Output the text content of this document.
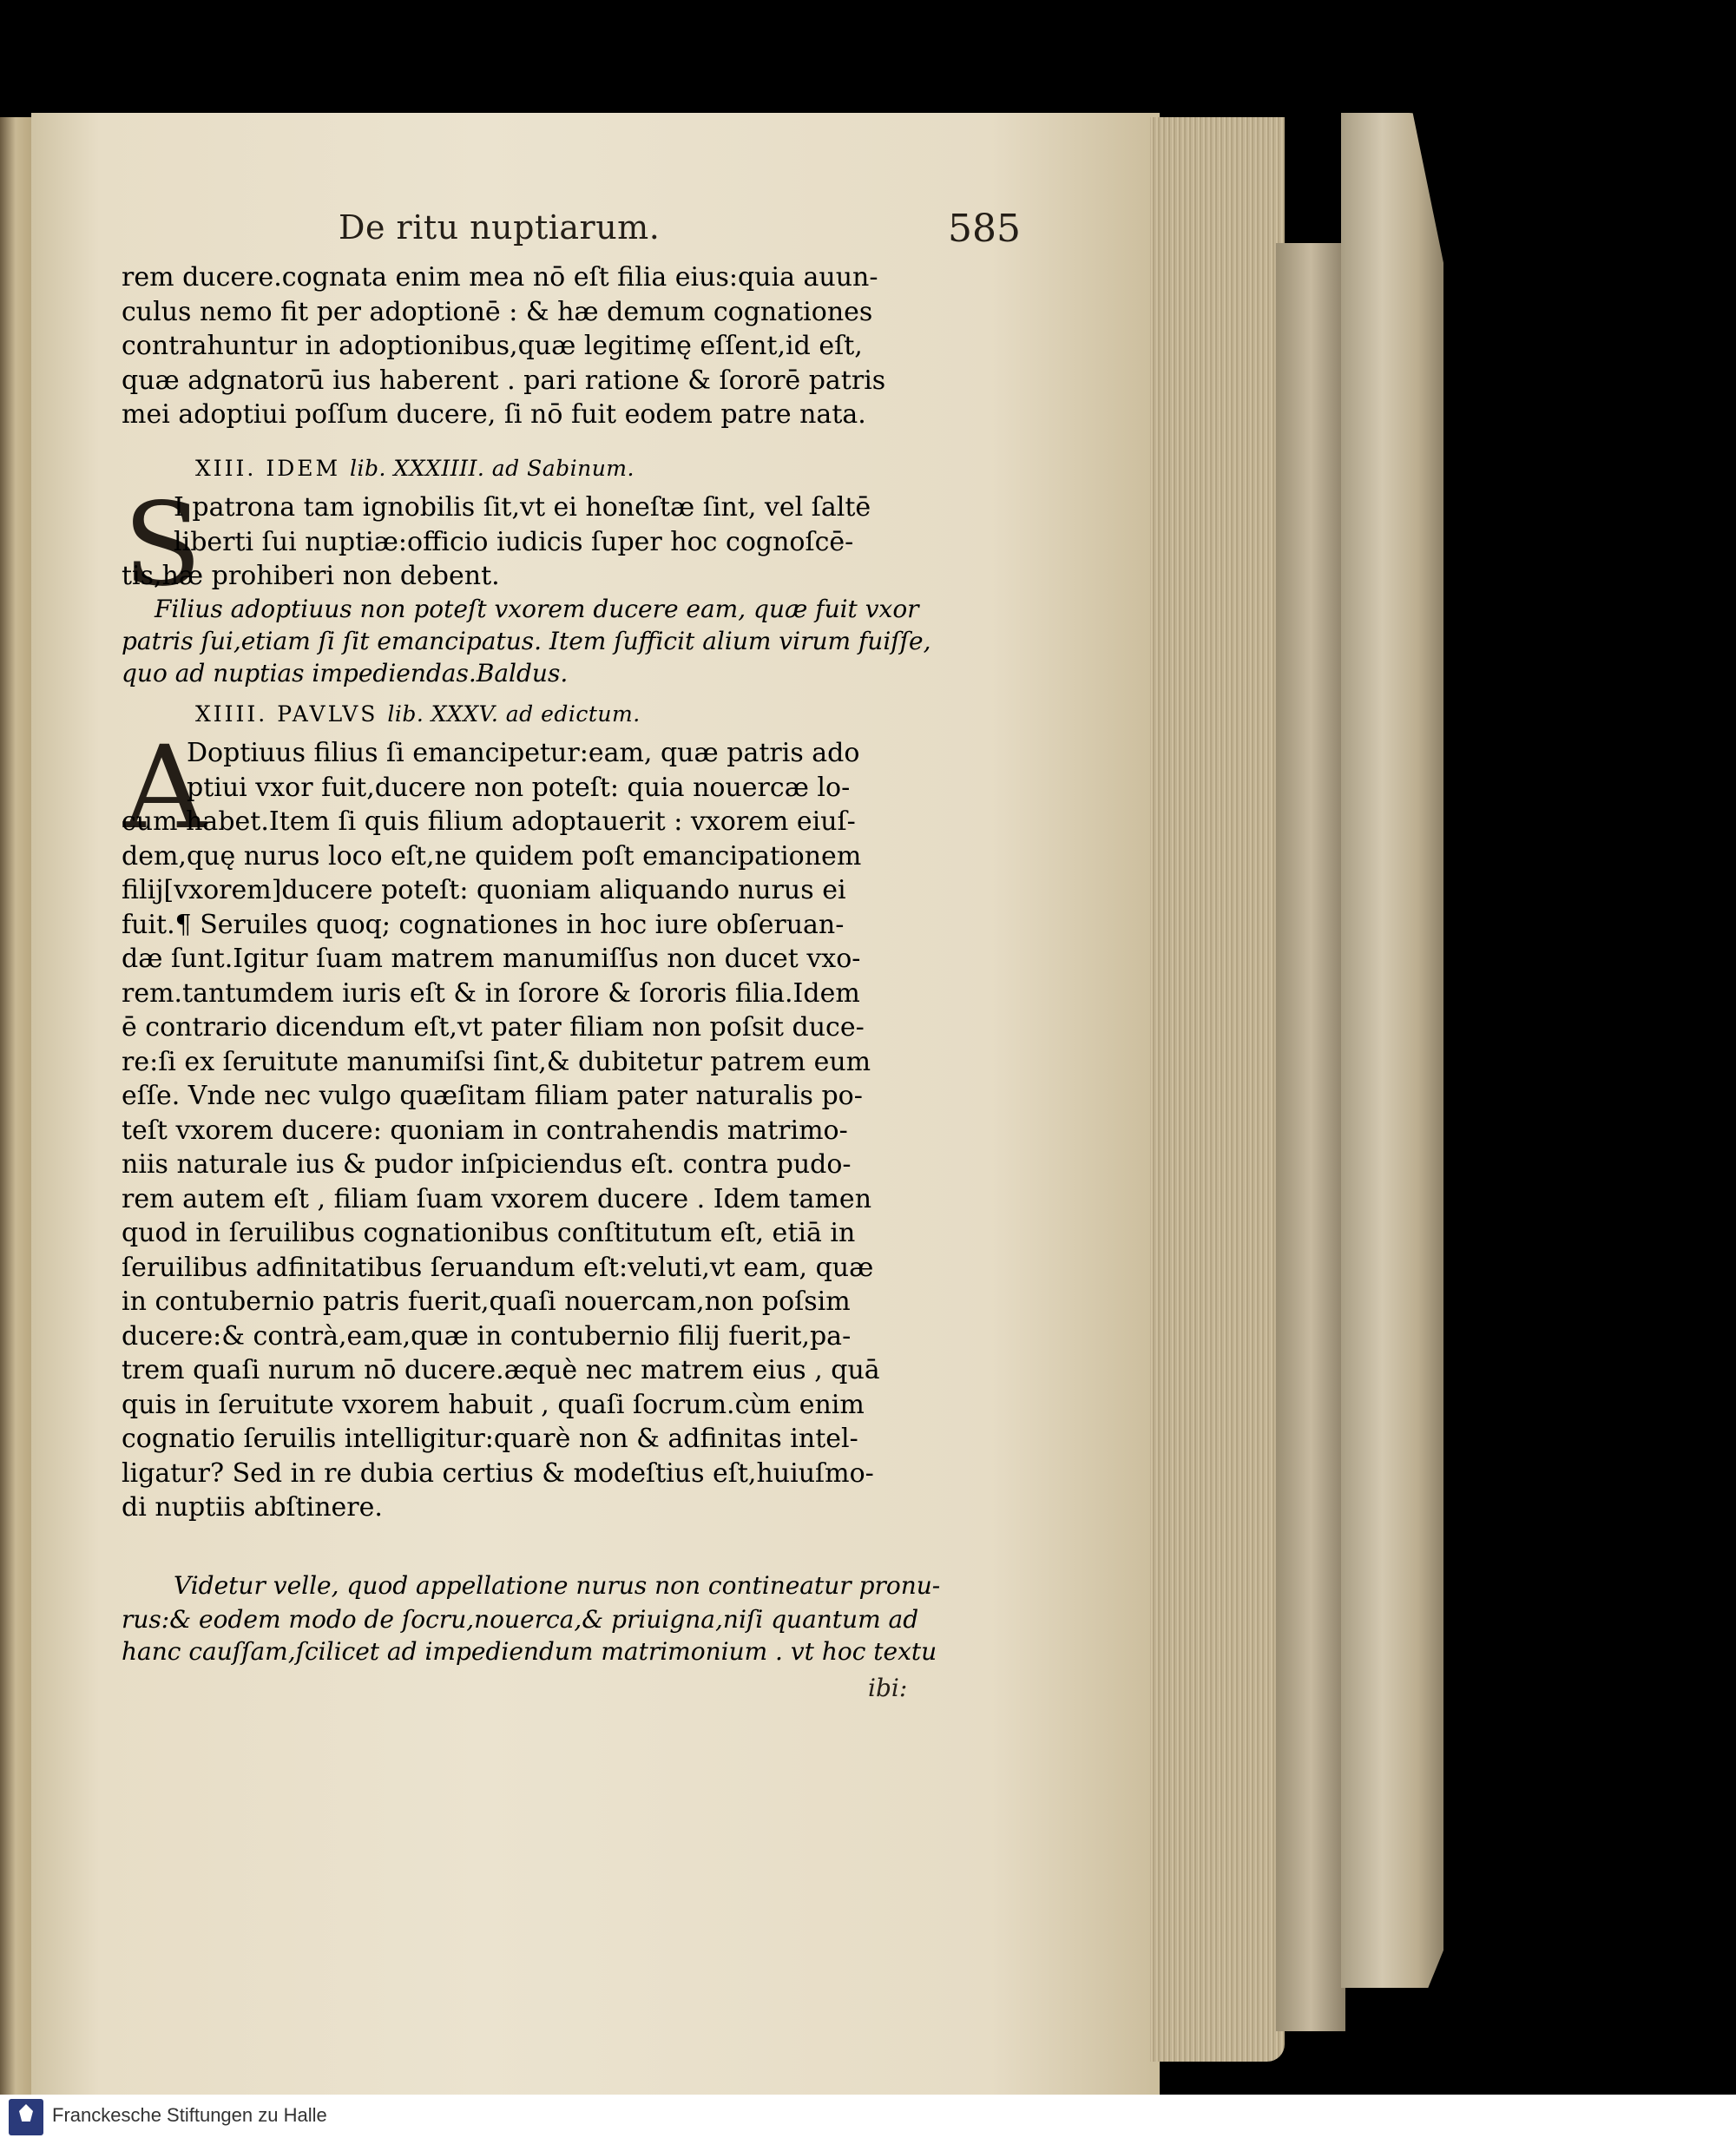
De ritu nuptiarum.	585
rem ducere.cognata enim mea nō eſt filia eius:quia auun-
culus nemo fit per adoptionē : & hæ demum cognationes
contrahuntur in adoptionibus,quæ legitimę eſſent,id eſt,
quæ adgnatorū ius haberent . pari ratione & ſororē patris
mei adoptiui poſſum ducere, ſi nō fuit eodem patre nata.
XIII. IDEM lib. XXXIIII. ad Sabinum.
S
I patrona tam ignobilis ſit,vt ei honeſtæ ſint, vel ſaltē
liberti ſui nuptiæ:officio iudicis ſuper hoc cognoſcē-
tis,hæ prohiberi non debent.
Filius adoptiuus non poteſt vxorem ducere eam, quæ fuit vxor
patris ſui,etiam ſi ſit emancipatus. Item ſufficit alium virum fuiſſe,
quo ad nuptias impediendas.Baldus.
XIIII. PAVLVS lib. XXXV. ad edictum.
A
Doptiuus filius ſi emancipetur:eam, quæ patris ado
ptiui vxor fuit,ducere non poteſt: quia nouercæ lo-
cum habet.Item ſi quis filium adoptauerit : vxorem eiuſ-
dem,quę nurus loco eſt,ne quidem poſt emancipationem
filij[vxorem]ducere poteſt: quoniam aliquando nurus ei
fuit.¶ Seruiles quoq; cognationes in hoc iure obſeruan-
dæ ſunt.Igitur ſuam matrem manumiſſus non ducet vxo-
rem.tantumdem iuris eſt & in ſorore & ſororis filia.Idem
ē contrario dicendum eſt,vt pater filiam non poſsit duce-
re:ſi ex ſeruitute manumiſsi ſint,& dubitetur patrem eum
eſſe. Vnde nec vulgo quæſitam filiam pater naturalis po-
teſt vxorem ducere: quoniam in contrahendis matrimo-
niis naturale ius & pudor inſpiciendus eſt. contra pudo-
rem autem eſt , filiam ſuam vxorem ducere . Idem tamen
quod in ſeruilibus cognationibus conſtitutum eſt, etiā in
ſeruilibus adfinitatibus ſeruandum eſt:veluti,vt eam, quæ
in contubernio patris fuerit,quaſi nouercam,non poſsim
ducere:& contrà,eam,quæ in contubernio filij fuerit,pa-
trem quaſi nurum nō ducere.æquè nec matrem eius , quā
quis in ſeruitute vxorem habuit , quaſi ſocrum.cùm enim
cognatio ſeruilis intelligitur:quarè non & adfinitas intel-
ligatur? Sed in re dubia certius & modeſtius eſt,huiuſmo-
di nuptiis abſtinere.
Videtur velle, quod appellatione nurus non contineatur pronu-
rus:& eodem modo de ſocru,nouerca,& priuigna,niſi quantum ad
hanc cauſſam,ſcilicet ad impediendum matrimonium . vt hoc textu
ibi:
Franckesche Stiftungen zu Halle
